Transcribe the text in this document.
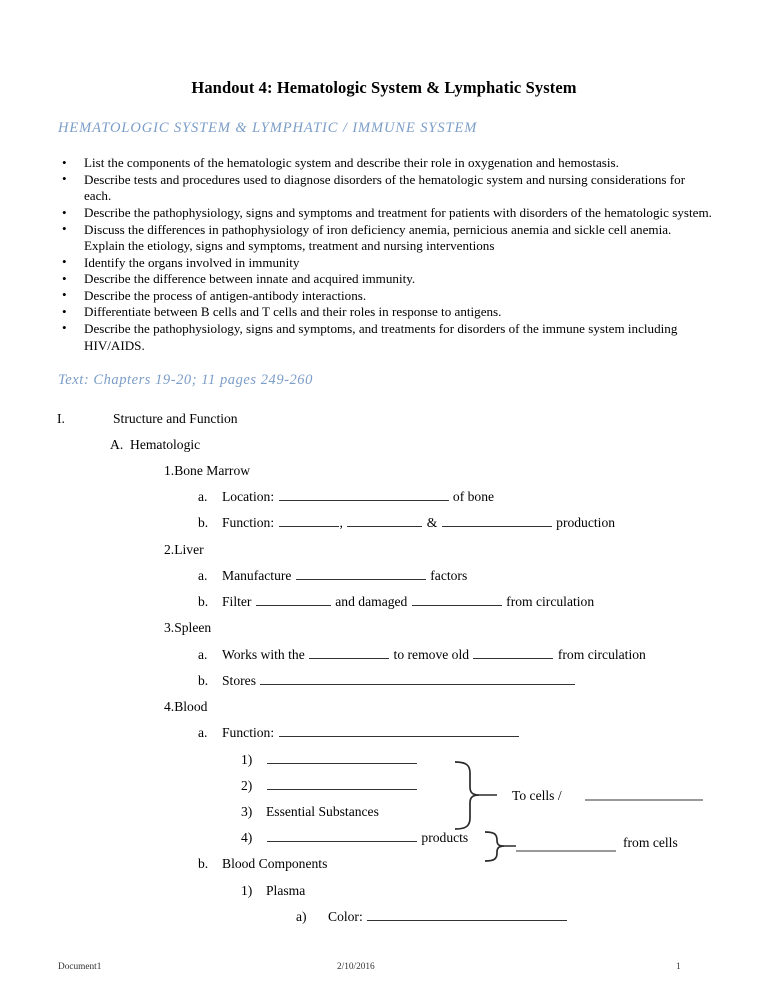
Handout 4: Hematologic System & Lymphatic System
HEMATOLOGIC SYSTEM & LYMPHATIC / IMMUNE SYSTEM
• List the components of the hematologic system and describe their role in oxygenation and hemostasis.
• Describe tests and procedures used to diagnose disorders of the hematologic system and nursing considerations for each.
• Describe the pathophysiology, signs and symptoms and treatment for patients with disorders of the hematologic system.
• Discuss the differences in pathophysiology of iron deficiency anemia, pernicious anemia and sickle cell anemia. Explain the etiology, signs and symptoms, treatment and nursing interventions
• Identify the organs involved in immunity
• Describe the difference between innate and acquired immunity.
• Describe the process of antigen-antibody interactions.
• Differentiate between B cells and T cells and their roles in response to antigens.
• Describe the pathophysiology, signs and symptoms, and treatments for disorders of the immune system including HIV/AIDS.
Text: Chapters 19-20; 11 pages 249-260
I.	Structure and Function
A. Hematologic
1.Bone Marrow
a. Location:	of bone
b. Function:	,	&	production
2.Liver
a. Manufacture	factors
b. Filter	and damaged	from circulation
3.Spleen
a. Works with the	to remove old	from circulation
b. Stores
4.Blood
a. Function:
1)
2)
3) Essential Substances
4)	products
b. Blood Components
1) Plasma
a) Color:
To cells /
from cells
Document1	2/10/2016	1
